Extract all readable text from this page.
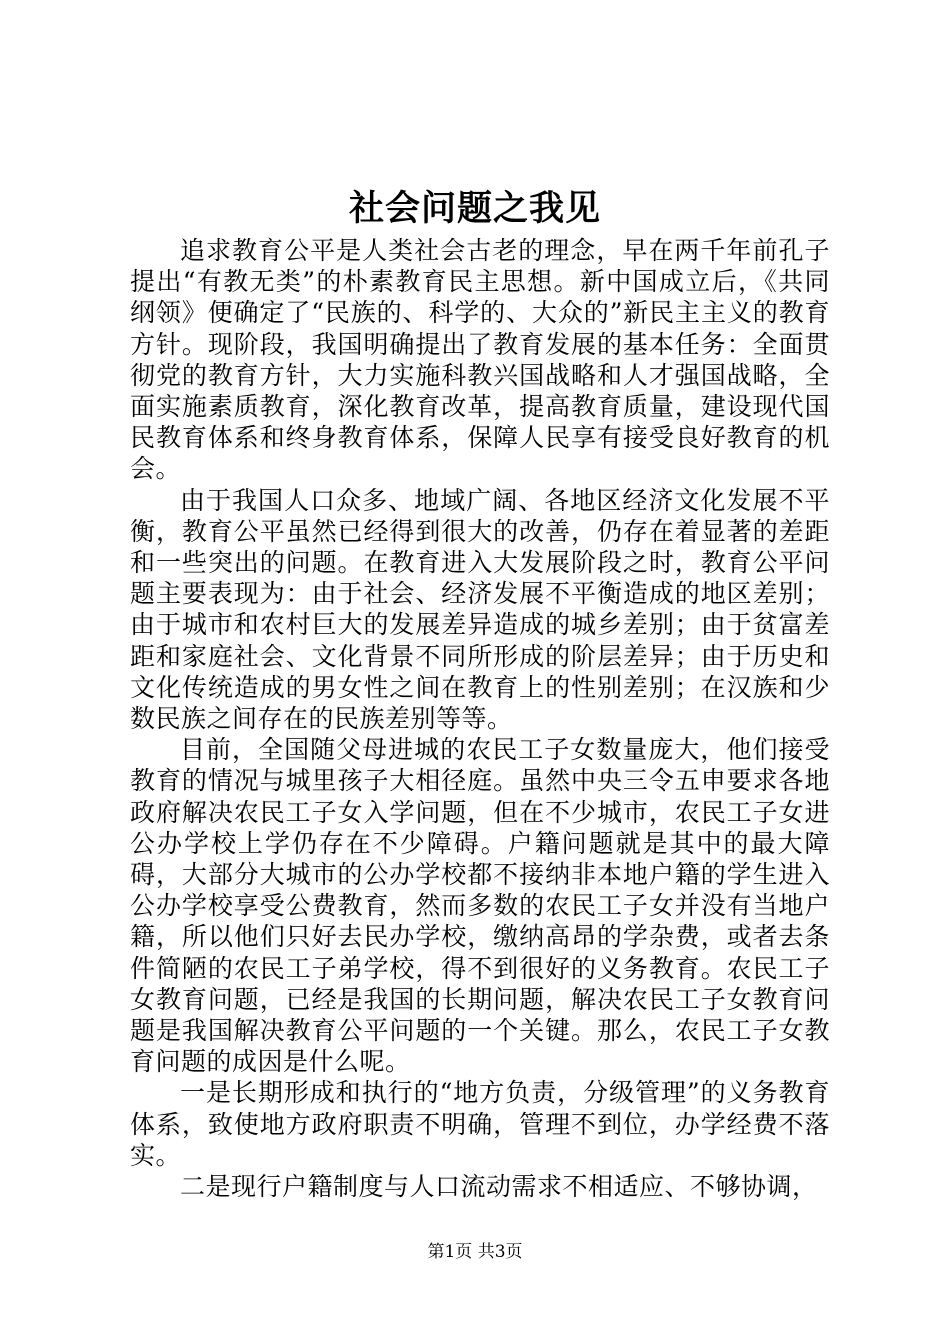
社会问题之我见

追求教育公平是人类社会古老的理念，早在两千年前孔子提出“有教无类”的朴素教育民主思想。新中国成立后，《共同纲领》便确定了“民族的、科学的、大众的”新民主主义的教育方针。现阶段，我国明确提出了教育发展的基本任务：全面贯彻党的教育方针，大力实施科教兴国战略和人才强国战略，全面实施素质教育，深化教育改革，提高教育质量，建设现代国民教育体系和终身教育体系，保障人民享有接受良好教育的机会。

由于我国人口众多、地域广阔、各地区经济文化发展不平衡，教育公平虽然已经得到很大的改善，仍存在着显著的差距和一些突出的问题。在教育进入大发展阶段之时，教育公平问题主要表现为：由于社会、经济发展不平衡造成的地区差别；由于城市和农村巨大的发展差异造成的城乡差别；由于贫富差距和家庭社会、文化背景不同所形成的阶层差异；由于历史和文化传统造成的男女性之间在教育上的性别差别；在汉族和少数民族之间存在的民族差别等等。

目前，全国随父母进城的农民工子女数量庞大，他们接受教育的情况与城里孩子大相径庭。虽然中央三令五申要求各地政府解决农民工子女入学问题，但在不少城市，农民工子女进公办学校上学仍存在不少障碍。户籍问题就是其中的最大障碍，大部分大城市的公办学校都不接纳非本地户籍的学生进入公办学校享受公费教育，然而多数的农民工子女并没有当地户籍，所以他们只好去民办学校，缴纳高昂的学杂费，或者去条件简陋的农民工子弟学校，得不到很好的义务教育。农民工子女教育问题，已经是我国的长期问题，解决农民工子女教育问题是我国解决教育公平问题的一个关键。那么，农民工子女教育问题的成因是什么呢。

一是长期形成和执行的“地方负责，分级管理”的义务教育体系，致使地方政府职责不明确，管理不到位，办学经费不落实。

二是现行户籍制度与人口流动需求不相适应、不够协调，

第1页 共3页
